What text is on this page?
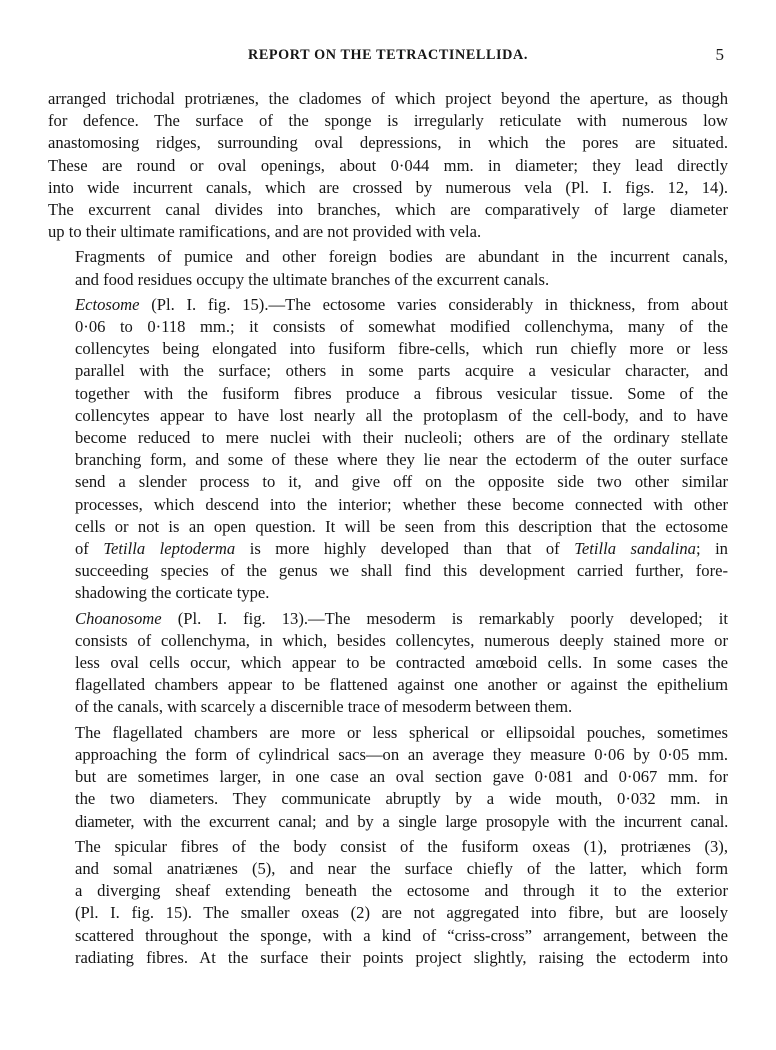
REPORT ON THE TETRACTINELLIDA.	5

arranged trichodal protriænes, the cladomes of which project beyond the aperture, as though
for defence. The surface of the sponge is irregularly reticulate with numerous low
anastomosing ridges, surrounding oval depressions, in which the pores are situated.
These are round or oval openings, about 0·044 mm. in diameter; they lead directly
into wide incurrent canals, which are crossed by numerous vela (Pl. I. figs. 12, 14).
The excurrent canal divides into branches, which are comparatively of large diameter
up to their ultimate ramifications, and are not provided with vela.

Fragments of pumice and other foreign bodies are abundant in the incurrent canals,
and food residues occupy the ultimate branches of the excurrent canals.

Ectosome (Pl. I. fig. 15).—The ectosome varies considerably in thickness, from about
0·06 to 0·118 mm.; it consists of somewhat modified collenchyma, many of the
collencytes being elongated into fusiform fibre-cells, which run chiefly more or less
parallel with the surface; others in some parts acquire a vesicular character, and
together with the fusiform fibres produce a fibrous vesicular tissue. Some of the
collencytes appear to have lost nearly all the protoplasm of the cell-body, and to have
become reduced to mere nuclei with their nucleoli; others are of the ordinary stellate
branching form, and some of these where they lie near the ectoderm of the outer surface
send a slender process to it, and give off on the opposite side two other similar
processes, which descend into the interior; whether these become connected with other
cells or not is an open question. It will be seen from this description that the ectosome
of Tetilla leptoderma is more highly developed than that of Tetilla sandalina; in
succeeding species of the genus we shall find this development carried further, fore-
shadowing the corticate type.

Choanosome (Pl. I. fig. 13).—The mesoderm is remarkably poorly developed; it
consists of collenchyma, in which, besides collencytes, numerous deeply stained more or
less oval cells occur, which appear to be contracted amœboid cells. In some cases the
flagellated chambers appear to be flattened against one another or against the epithelium
of the canals, with scarcely a discernible trace of mesoderm between them.

The flagellated chambers are more or less spherical or ellipsoidal pouches, sometimes
approaching the form of cylindrical sacs—on an average they measure 0·06 by 0·05 mm.
but are sometimes larger, in one case an oval section gave 0·081 and 0·067 mm. for
the two diameters. They communicate abruptly by a wide mouth, 0·032 mm. in
diameter, with the excurrent canal; and by a single large prosopyle with the incurrent canal.

The spicular fibres of the body consist of the fusiform oxeas (1), protriænes (3),
and somal anatriænes (5), and near the surface chiefly of the latter, which form
a diverging sheaf extending beneath the ectosome and through it to the exterior
(Pl. I. fig. 15). The smaller oxeas (2) are not aggregated into fibre, but are loosely
scattered throughout the sponge, with a kind of “criss-cross” arrangement, between the
radiating fibres. At the surface their points project slightly, raising the ectoderm into
